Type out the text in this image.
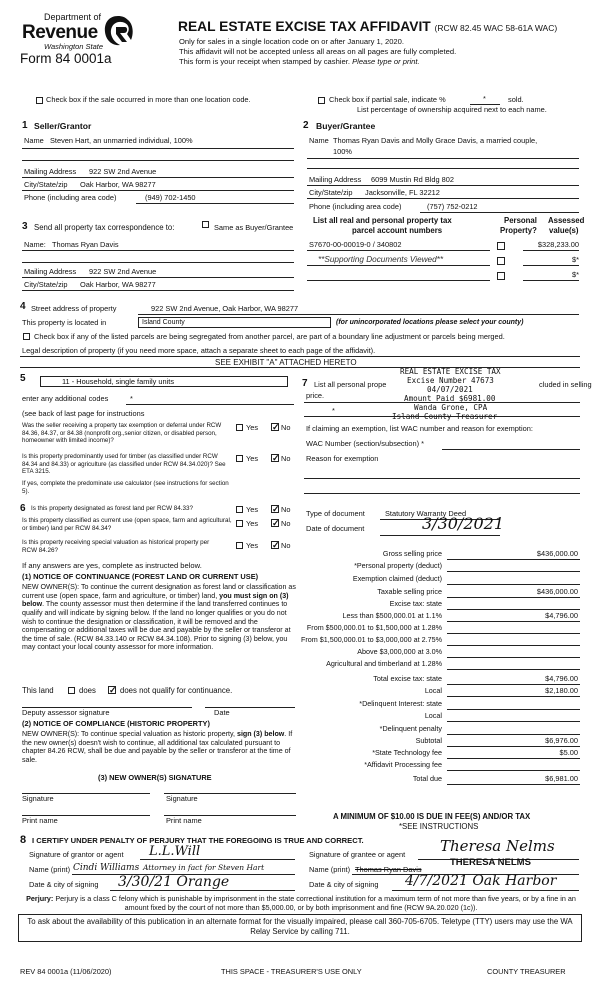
Department of
Revenue
Washington State
Form 84 0001a
REAL ESTATE EXCISE TAX AFFIDAVIT (RCW 82.45 WAC 58-61A WAC)
Only for sales in a single location code on or after January 1, 2020.
This affidavit will not be accepted unless all areas on all pages are fully completed.
This form is your receipt when stamped by cashier. Please type or print.
Check box if the sale occurred in more than one location code.	Check box if partial sale, indicate %	*	sold.
List percentage of ownership acquired next to each name.
1 Seller/Grantor
Name Steven Hart, an unmarried individual, 100%
Mailing Address 922 SW 2nd Avenue
City/State/zip Oak Harbor, WA 98277
Phone (including area code)	(949) 702-1450
2 Buyer/Grantee
Name Thomas Ryan Davis and Molly Grace Davis, a married couple,
100%
Mailing Address 6099 Mustin Rd Bldg 802
City/State/zip Jacksonville, FL 32212
Phone (including area code)	(757) 752-0212
3 Send all property tax correspondence to:	Same as Buyer/Grantee
Name: Thomas Ryan Davis
Mailing Address 922 SW 2nd Avenue
City/State/zip Oak Harbor, WA 98277
List all real and personal property tax
parcel account numbers
Personal
Property?
Assessed
value(s)
S7670-00-00019-0 / 340802	$328,233.00
**Supporting Documents Viewed**	$*
$*
4 Street address of property	922 SW 2nd Avenue, Oak Harbor, WA 98277
This property is located in	Island County	(for unincorporated locations please select your county)
Check box if any of the listed parcels are being segregated from another parcel, are part of a boundary line adjustment or parcels being merged.
Legal description of property (if you need more space, attach a separate sheet to each page of the affidavit).
SEE EXHIBIT "A" ATTACHED HERETO
5	11 - Household, single family units
enter any additional codes	*
(see back of last page for instructions
Was the seller receiving a property tax exemption or deferral under RCW 84.36, 84.37, or 84.38 (nonprofit org.,senior citizen, or disabled person, homeowner with limited income)?
Yes ✓ No
Is this property predominantly used for timber (as classified under RCW 84.34 and 84.33) or agriculture (as classified under RCW 84.34.020)? See ETA 3215.
Yes ✓ No
If yes, complete the predominate use calculator (see instructions for section 5).
7 List all personal prope	cluded in selling
price.
*
REAL ESTATE EXCISE TAX
Excise Number 47673
04/07/2021
Amount Paid $6981.00
Wanda Grone, CPA
Island County Treasurer
If claiming an exemption, list WAC number and reason for exemption:
WAC Number (section/subsection) *
Reason for exemption
6 Is this property designated as forest land per RCW 84.33?	Yes ✓ No
Is this property classified as current use (open space, farm and agricultural, or timber) land per RCW 84.34?
Yes ✓ No
Is this property receiving special valuation as historical property per RCW 84.26?
Yes ✓ No
If any answers are yes, complete as instructed below.
(1) NOTICE OF CONTINUANCE (FOREST LAND OR CURRENT USE)
NEW OWNER(S): To continue the current designation as forest land or classification as current use (open space, farm and agriculture, or timber) land, you must sign on (3) below. The county assessor must then determine if the land transferred continues to qualify and will indicate by signing below. If the land no longer qualifies or you do not wish to continue the designation or classification, it will be removed and the compensating or additional taxes will be due and payable by the seller or transferor at the time of sale. (RCW 84.33.140 or RCW 84.34.108). Prior to signing (3) below, you may contact your local county assessor for more information.
This land	does ✓ does not qualify for continuance.
Deputy assessor signature	Date
(2) NOTICE OF COMPLIANCE (HISTORIC PROPERTY)
NEW OWNER(S): To continue special valuation as historic property, sign (3) below. If the new owner(s) doesn't wish to continue, all additional tax calculated pursuant to chapter 84.26 RCW, shall be due and payable by the seller or transferor at the time of sale.
(3) NEW OWNER(S) SIGNATURE
Signature	Signature
Print name	Print name
Type of document	Statutory Warranty Deed
Date of document	3/30/2021
Gross selling price	$436,000.00
*Personal property (deduct)
Exemption claimed (deduct)
Taxable selling price	$436,000.00
Excise tax: state
Less than $500,000.01 at 1.1%	$4,796.00
From $500,000.01 to $1,500,000 at 1.28%
From $1,500,000.01 to $3,000,000 at 2.75%
Above $3,000,000 at 3.0%
Agricultural and timberland at 1.28%
Total excise tax: state	$4,796.00
Local	$2,180.00
*Delinquent Interest: state
Local
*Delinquent penalty
Subtotal	$6,976.00
*State Technology fee	$5.00
*Affidavit Processing fee
Total due	$6,981.00
A MINIMUM OF $10.00 IS DUE IN FEE(S) AND/OR TAX
*SEE INSTRUCTIONS
8 I CERTIFY UNDER PENALTY OF PERJURY THAT THE FOREGOING IS TRUE AND CORRECT.
Signature of grantor or agent L.L.Will
Name (print) Cindi Williams Attorney in fact for Steven Hart
Date & city of signing 3/30/21 Orange
Signature of grantee or agent Theresa Nelms
Name (print) Thomas Ryan Davis
THERESA NELMS
Date & city of signing 4/7/2021 Oak Harbor
Perjury: Perjury is a class C felony which is punishable by imprisonment in the state correctional institution for a maximum term of not more than five years, or by a fine in an amount fixed by the court of not more than $5,000.00, or by both imprisonment and fine (RCW 9A.20.020 (1c)).
To ask about the availability of this publication in an alternate format for the visually impaired, please call 360-705-6705. Teletype (TTY) users may use the WA Relay Service by calling 711.
REV 84 0001a (11/06/2020)	THIS SPACE - TREASURER'S USE ONLY	COUNTY TREASURER
